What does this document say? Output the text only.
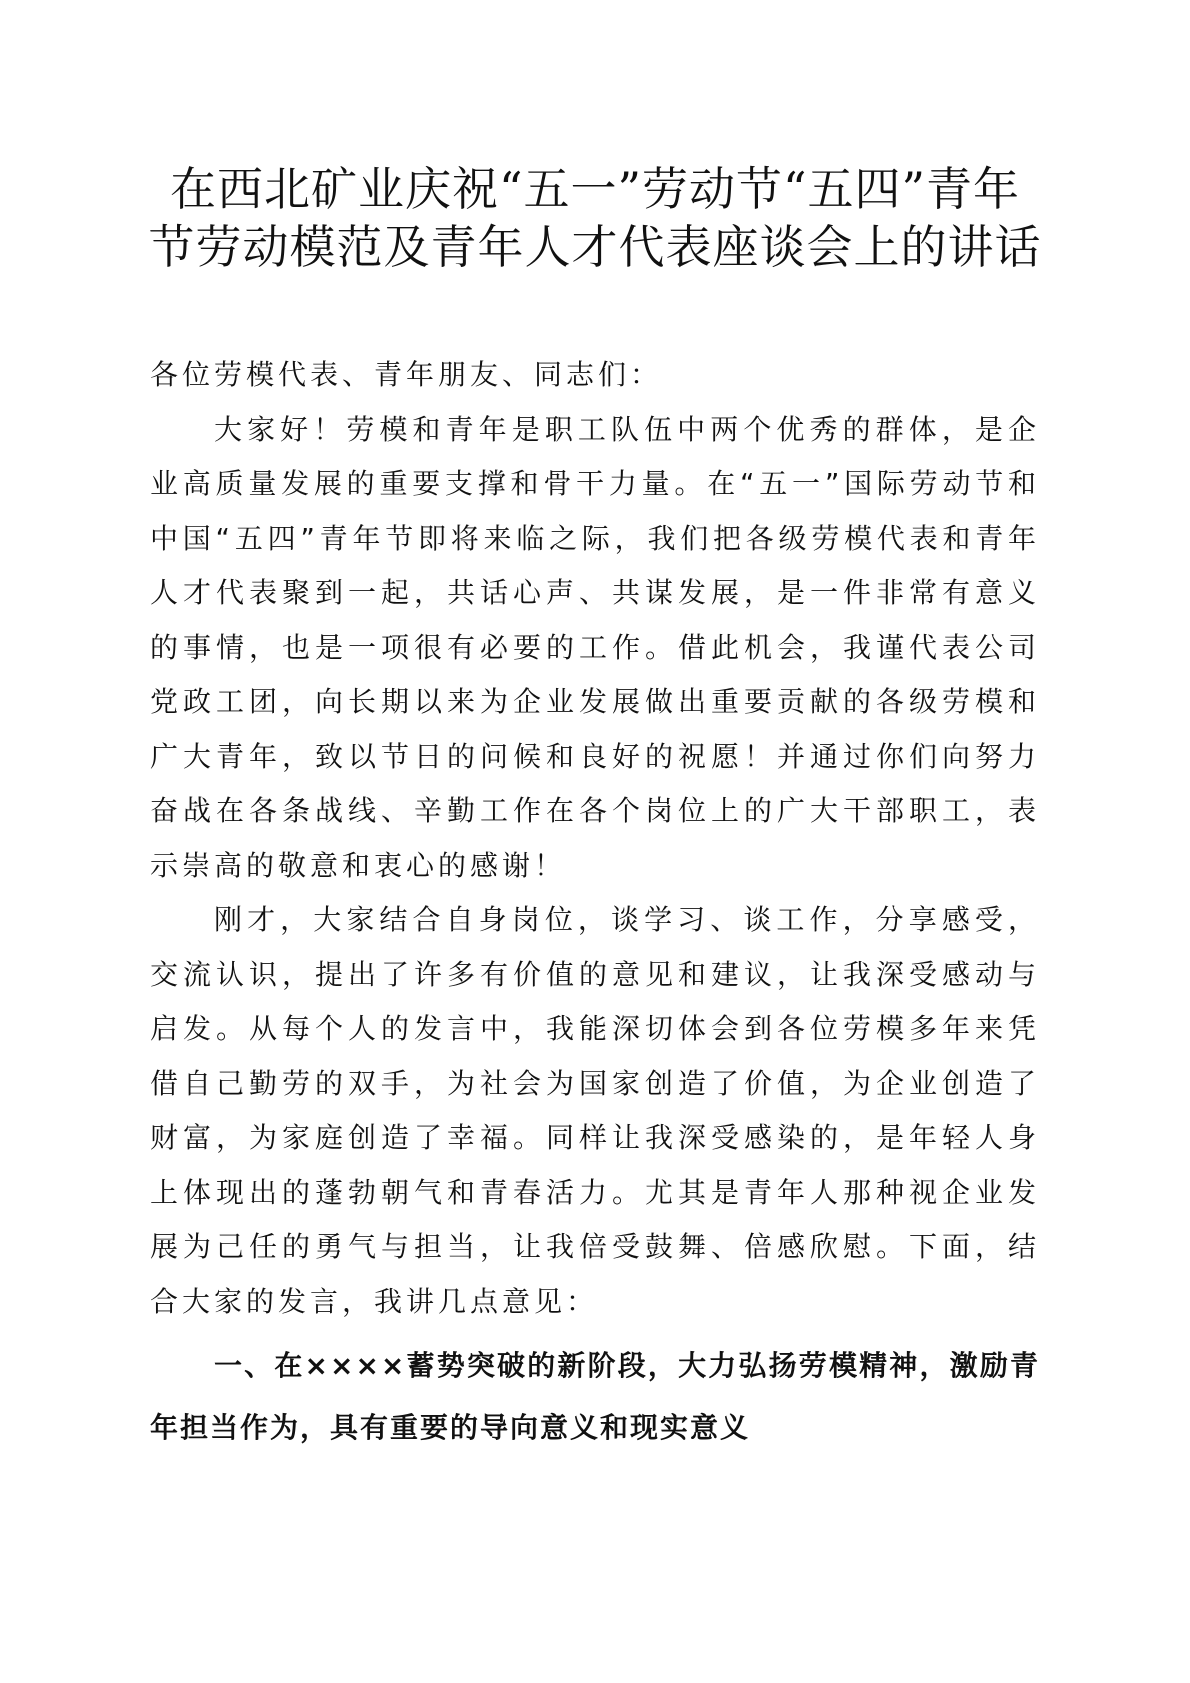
在西北矿业庆祝“五一”劳动节“五四”青年
节劳动模范及青年人才代表座谈会上的讲话

各位劳模代表、青年朋友、同志们：

大家好！劳模和青年是职工队伍中两个优秀的群体，是企业高质量发展的重要支撑和骨干力量。在“五一”国际劳动节和中国“五四”青年节即将来临之际，我们把各级劳模代表和青年人才代表聚到一起，共话心声、共谋发展，是一件非常有意义的事情，也是一项很有必要的工作。借此机会，我谨代表公司党政工团，向长期以来为企业发展做出重要贡献的各级劳模和广大青年，致以节日的问候和良好的祝愿！并通过你们向努力奋战在各条战线、辛勤工作在各个岗位上的广大干部职工，表示崇高的敬意和衷心的感谢！

刚才，大家结合自身岗位，谈学习、谈工作，分享感受，交流认识，提出了许多有价值的意见和建议，让我深受感动与启发。从每个人的发言中，我能深切体会到各位劳模多年来凭借自己勤劳的双手，为社会为国家创造了价值，为企业创造了财富，为家庭创造了幸福。同样让我深受感染的，是年轻人身上体现出的蓬勃朝气和青春活力。尤其是青年人那种视企业发展为己任的勇气与担当，让我倍受鼓舞、倍感欣慰。下面，结合大家的发言，我讲几点意见：

一、在××××蓄势突破的新阶段，大力弘扬劳模精神，激励青年担当作为，具有重要的导向意义和现实意义
